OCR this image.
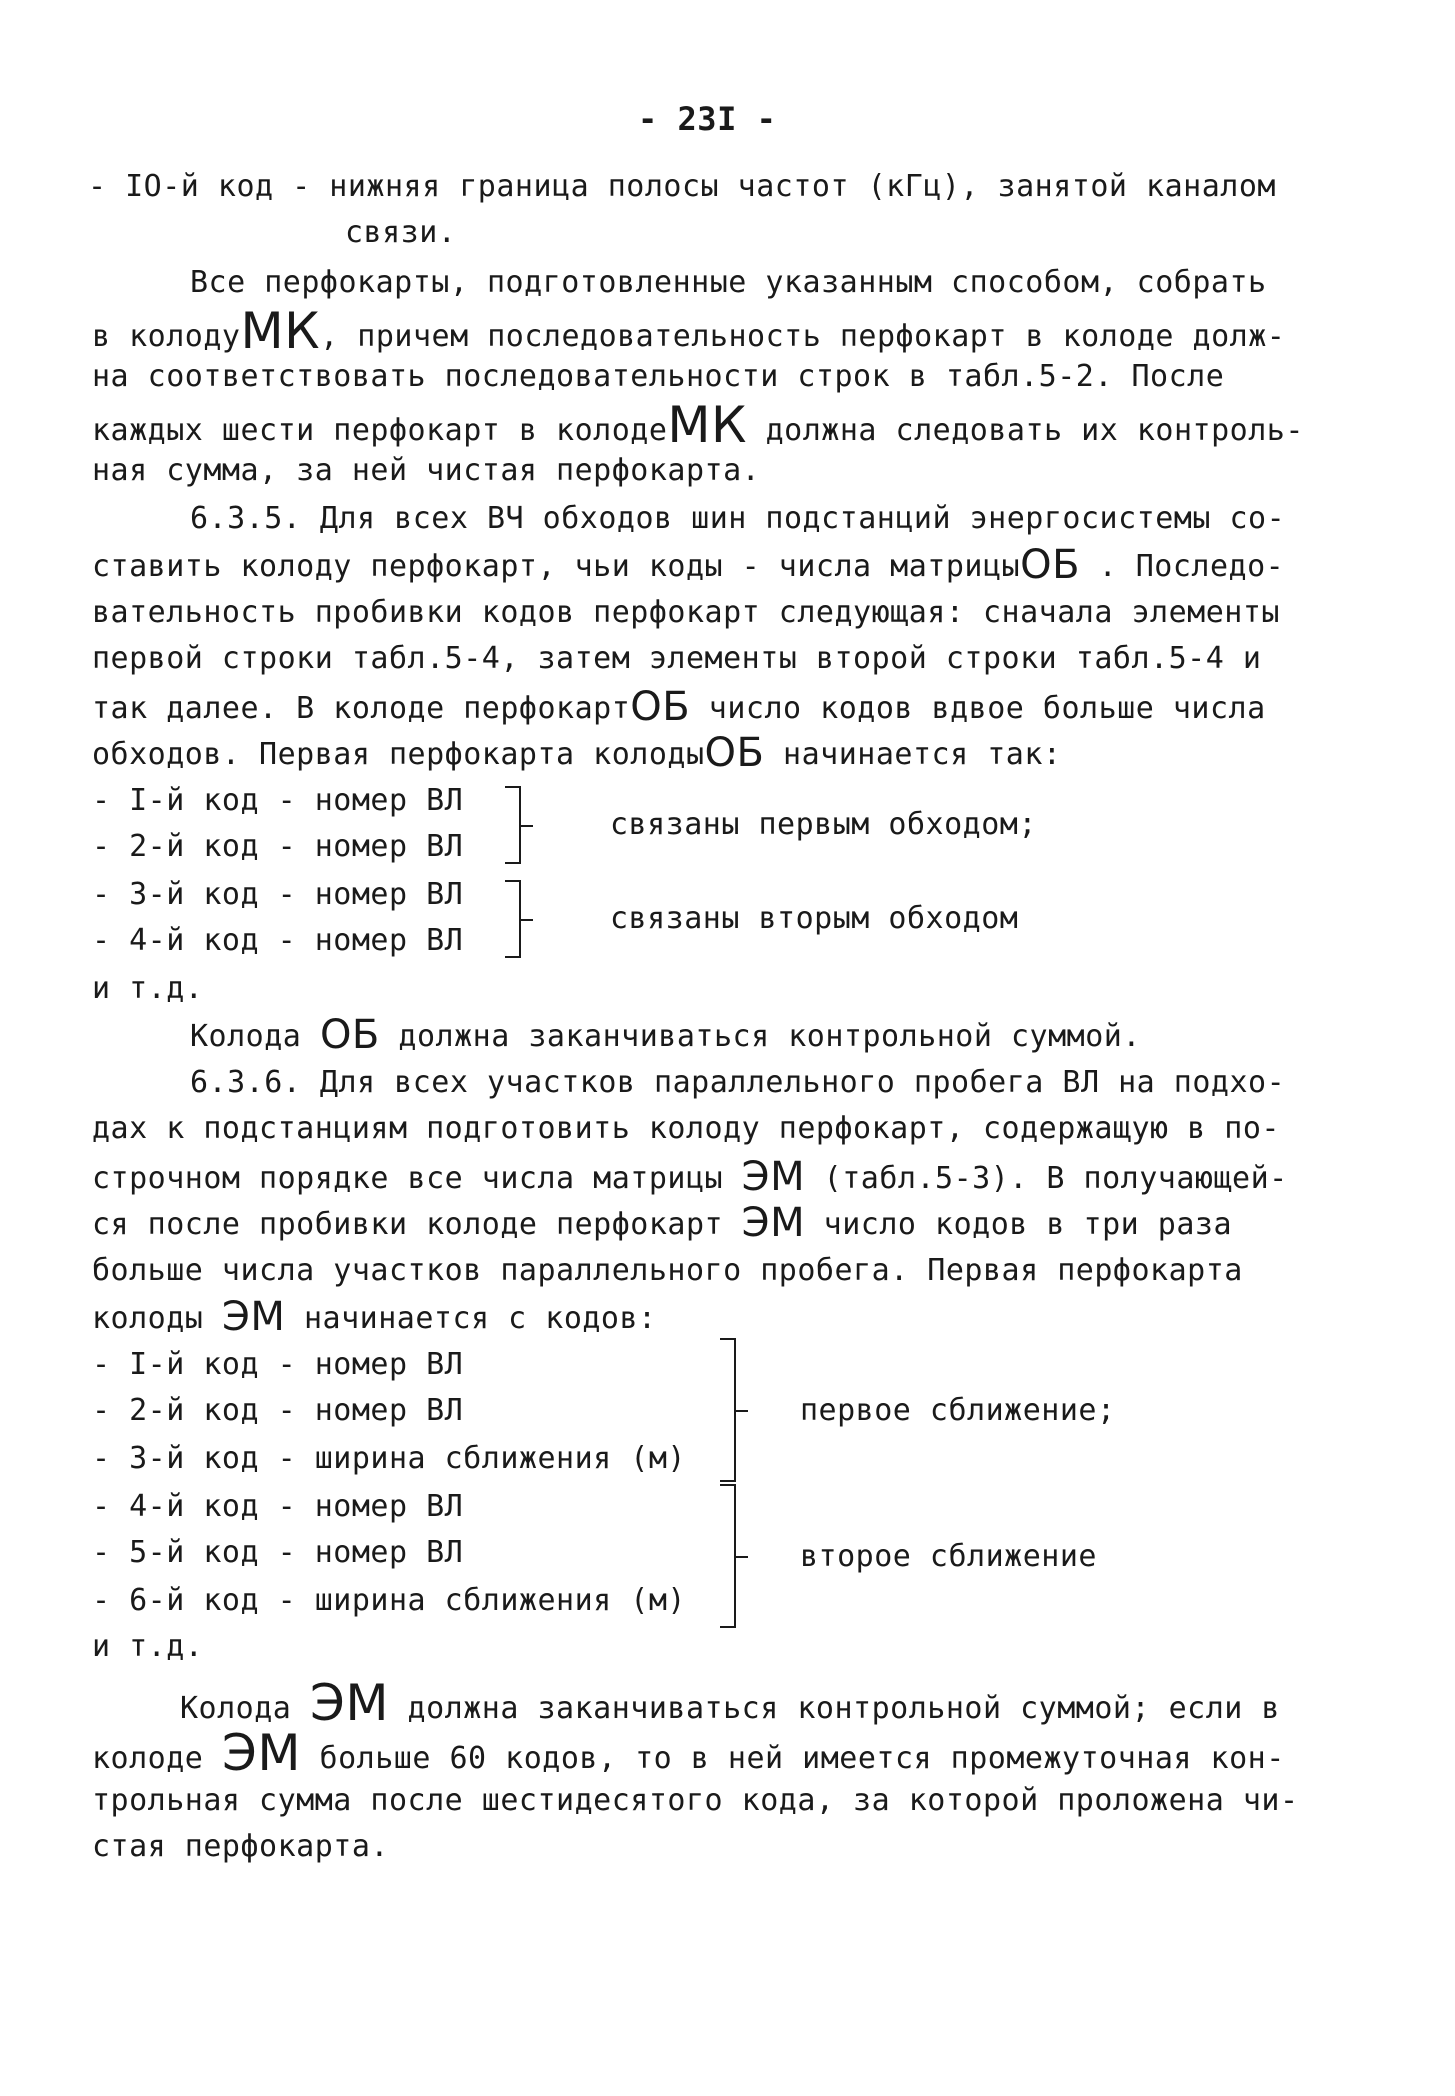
- 23I -
- IO-й код - нижняя граница полосы частот (кГц), занятой каналом
связи.
Все перфокарты, подготовленные указанным способом, собрать
в колодуМК, причем последовательность перфокарт в колоде долж-
на соответствовать последовательности строк в табл.5-2. После
каждых шести перфокарт в колодеМК должна следовать их контроль-
ная сумма, за ней чистая перфокарта.
6.3.5. Для всех ВЧ обходов шин подстанций энергосистемы со-
ставить колоду перфокарт, чьи коды - числа матрицыОБ . Последо-
вательность пробивки кодов перфокарт следующая: сначала элементы
первой строки табл.5-4, затем элементы второй строки табл.5-4 и
так далее. В колоде перфокартОБ число кодов вдвое больше числа
обходов. Первая перфокарта колодыОБ начинается так:
- I-й код - номер ВЛ
- 2-й код - номер ВЛ
связаны первым обходом;
- 3-й код - номер ВЛ
- 4-й код - номер ВЛ
связаны вторым обходом
и т.д.
Колода ОБ должна заканчиваться контрольной суммой.
6.3.6. Для всех участков параллельного пробега ВЛ на подхо-
дах к подстанциям подготовить колоду перфокарт, содержащую в по-
строчном порядке все числа матрицы ЭМ (табл.5-3). В получающей-
ся после пробивки колоде перфокарт ЭМ число кодов в три раза
больше числа участков параллельного пробега. Первая перфокарта
колоды ЭМ начинается с кодов:
- I-й код - номер ВЛ
- 2-й код - номер ВЛ
- 3-й код - ширина сближения (м)
первое сближение;
- 4-й код - номер ВЛ
- 5-й код - номер ВЛ
- 6-й код - ширина сближения (м)
второе сближение
и т.д.
Колода ЭМ должна заканчиваться контрольной суммой; если в
колоде ЭМ больше 60 кодов, то в ней имеется промежуточная кон-
трольная сумма после шестидесятого кода, за которой проложена чи-
стая перфокарта.
